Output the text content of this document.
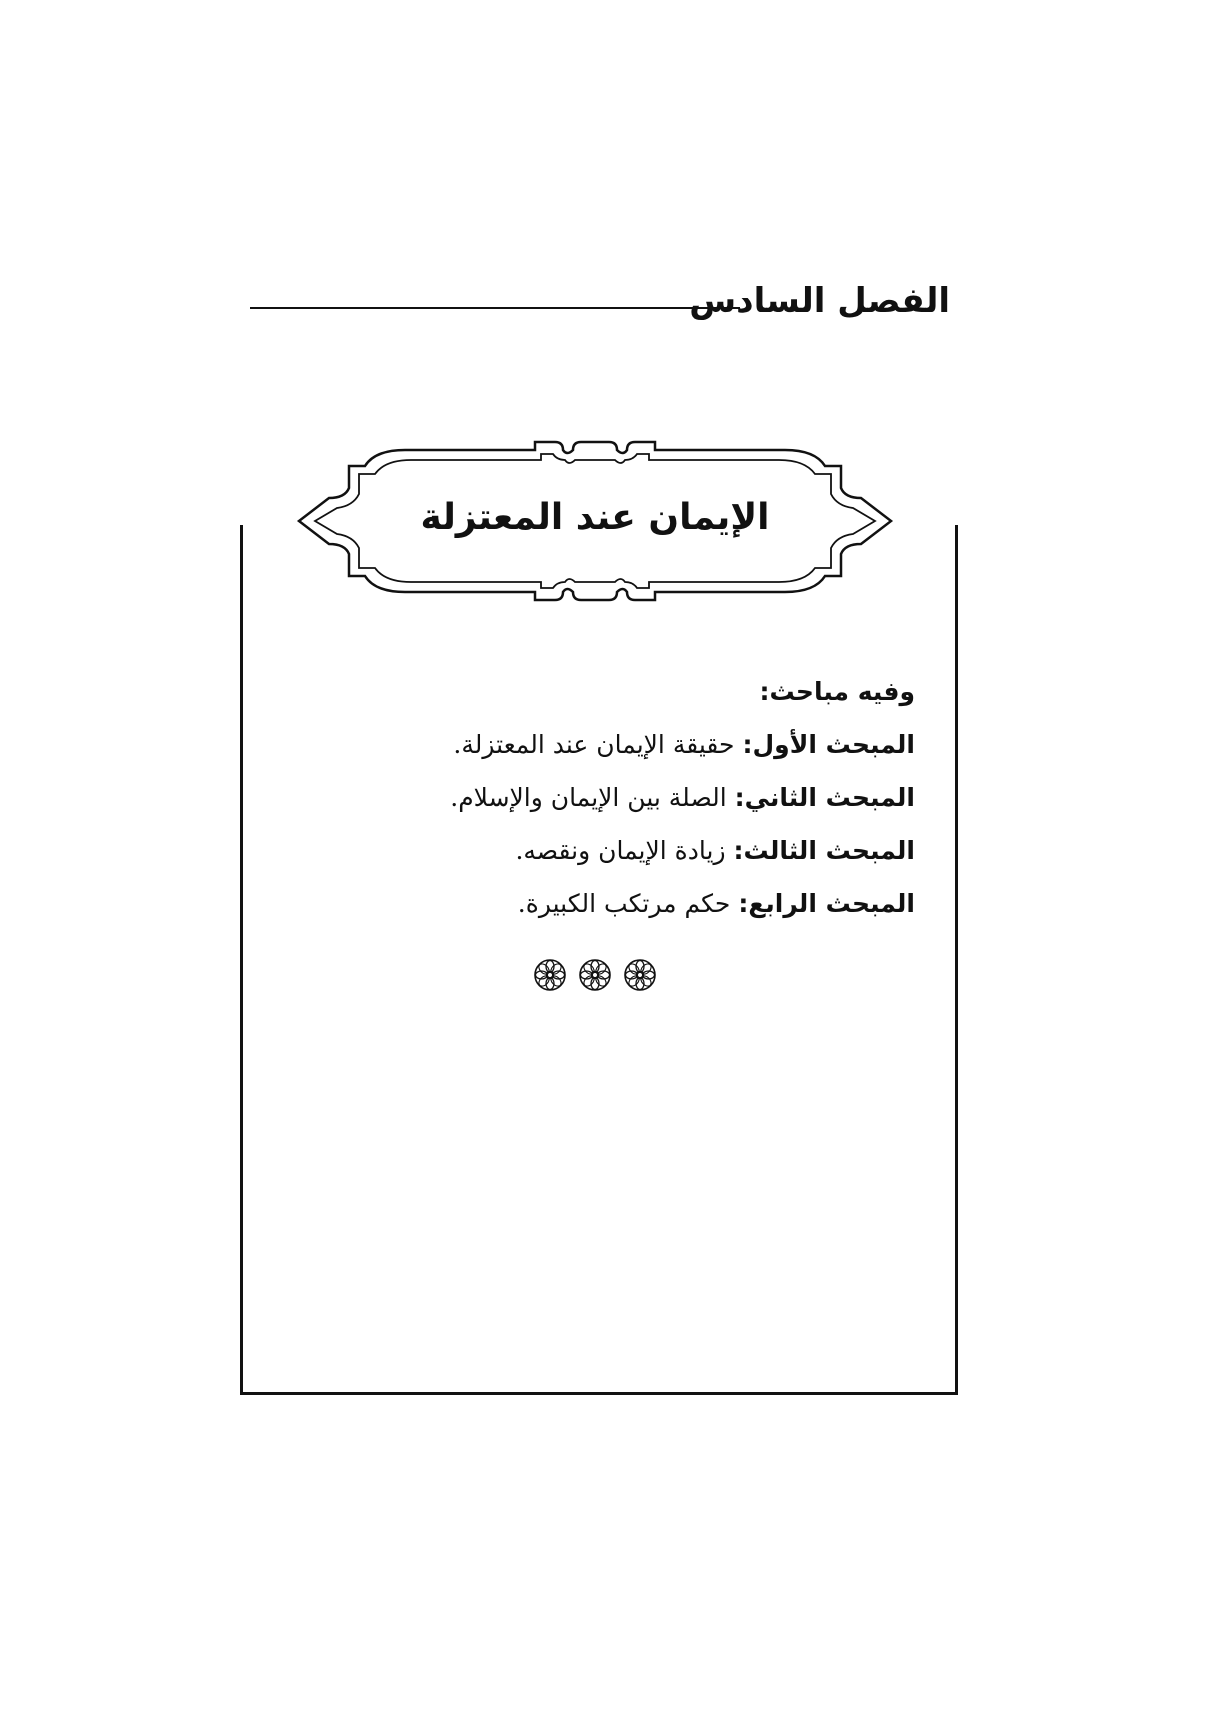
الفصل السادس
الإيمان عند المعتزلة
وفيه مباحث:
المبحث الأول: حقيقة الإيمان عند المعتزلة.
المبحث الثاني: الصلة بين الإيمان والإسلام.
المبحث الثالث: زيادة الإيمان ونقصه.
المبحث الرابع: حكم مرتكب الكبيرة.
